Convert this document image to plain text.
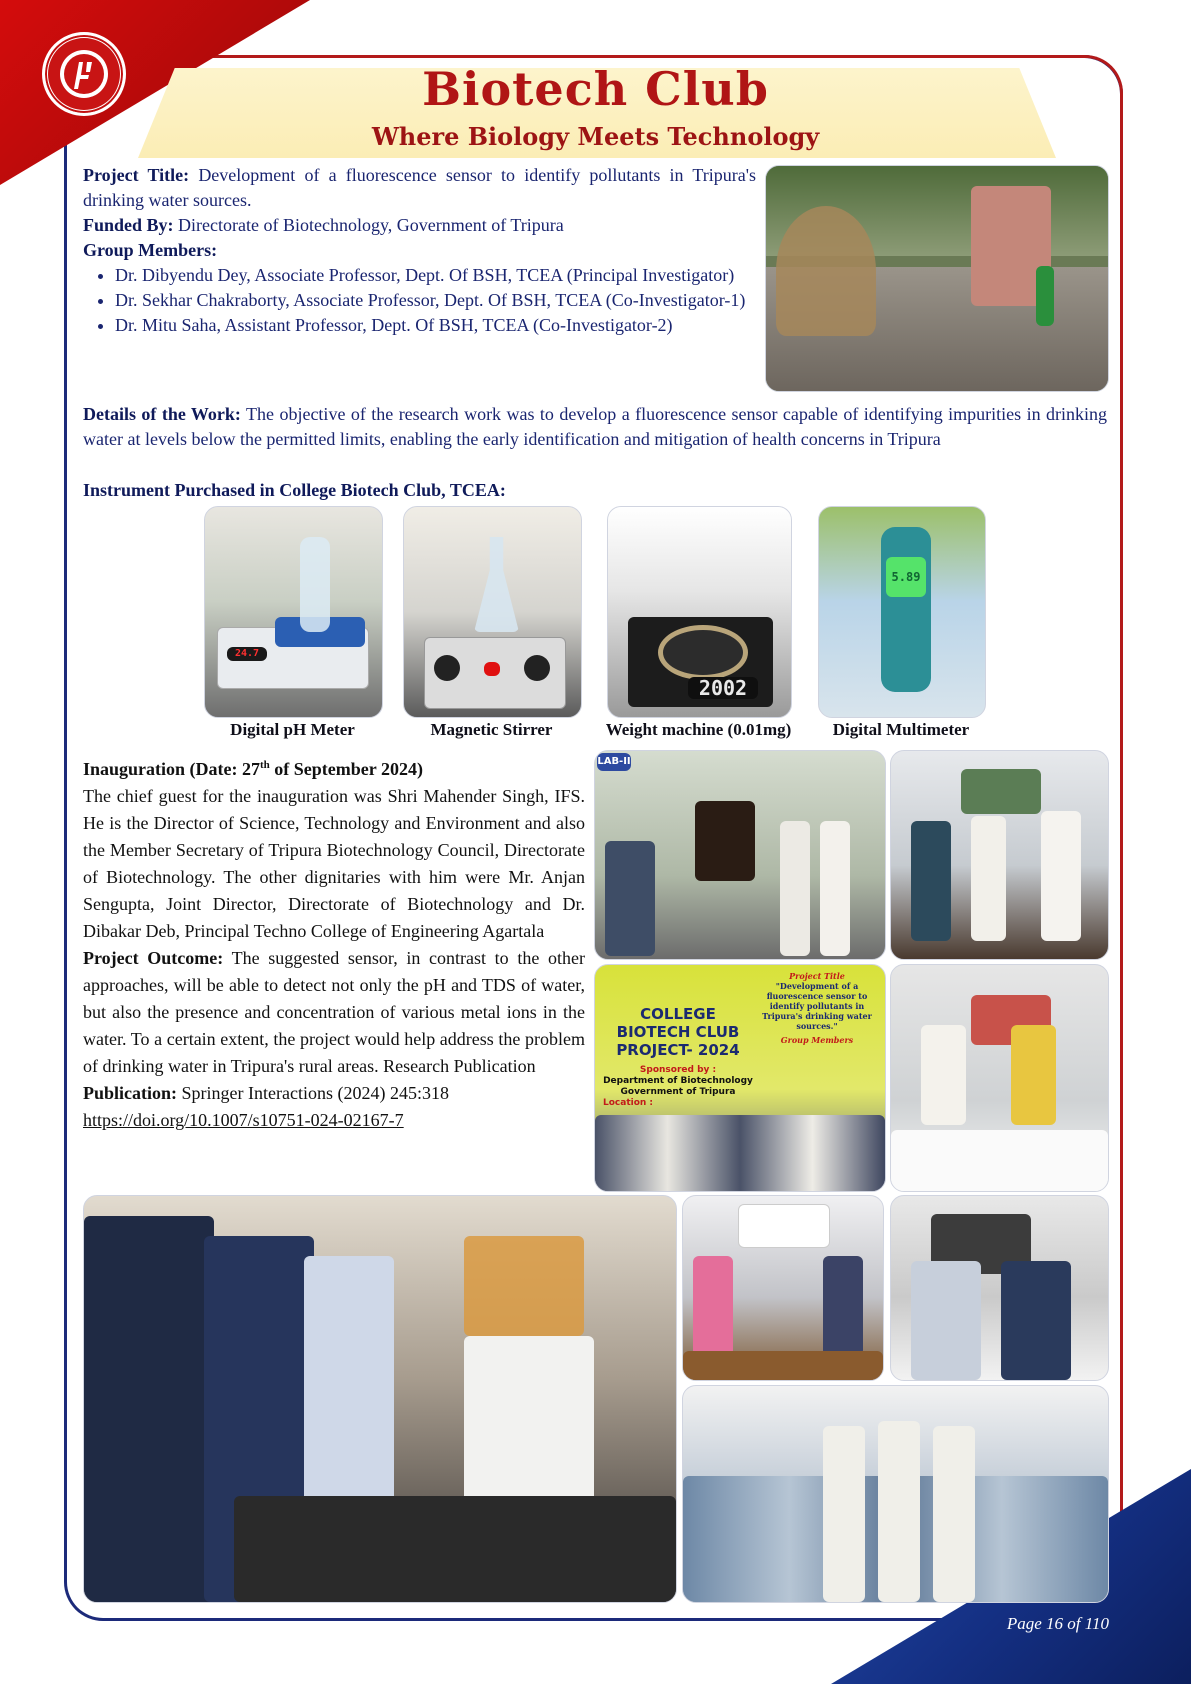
Biotech Club
Where Biology Meets Technology
Project Title: Development of a fluorescence sensor to identify pollutants in Tripura's drinking water sources.
Funded By: Directorate of Biotechnology, Government of Tripura
Group Members:
• Dr. Dibyendu Dey, Associate Professor, Dept. Of BSH, TCEA (Principal Investigator)
• Dr. Sekhar Chakraborty, Associate Professor, Dept. Of BSH, TCEA (Co-Investigator-1)
• Dr. Mitu Saha, Assistant Professor, Dept. Of BSH, TCEA (Co-Investigator-2)
Details of the Work: The objective of the research work was to develop a fluorescence sensor capable of identifying impurities in drinking water at levels below the permitted limits, enabling the early identification and mitigation of health concerns in Tripura
Instrument Purchased in College Biotech Club, TCEA:
24.7
2002
5.89
Digital pH Meter	Magnetic Stirrer	Weight machine (0.01mg)	Digital Multimeter
Inauguration (Date: 27th of September 2024)
The chief guest for the inauguration was Shri Mahender Singh, IFS. He is the Director of Science, Technology and Environment and also the Member Secretary of Tripura Biotechnology Council, Directorate of Biotechnology. The other dignitaries with him were Mr. Anjan Sengupta, Joint Director, Directorate of Biotechnology and Dr. Dibakar Deb, Principal Techno College of Engineering Agartala
Project Outcome: The suggested sensor, in contrast to the other approaches, will be able to detect not only the pH and TDS of water, but also the presence and concentration of various metal ions in the water. To a certain extent, the project would help address the problem of drinking water in Tripura's rural areas. Research Publication
Publication: Springer Interactions (2024) 245:318
https://doi.org/10.1007/s10751-024-02167-7
LAB-II
COLLEGE BIOTECH CLUB
PROJECT- 2024
Sponsored by :
Department of Biotechnology
Government of Tripura
Location :
Project Title
"Development of a fluorescence sensor to identify pollutants in Tripura's drinking water sources."
Group Members
Page 16 of 110
